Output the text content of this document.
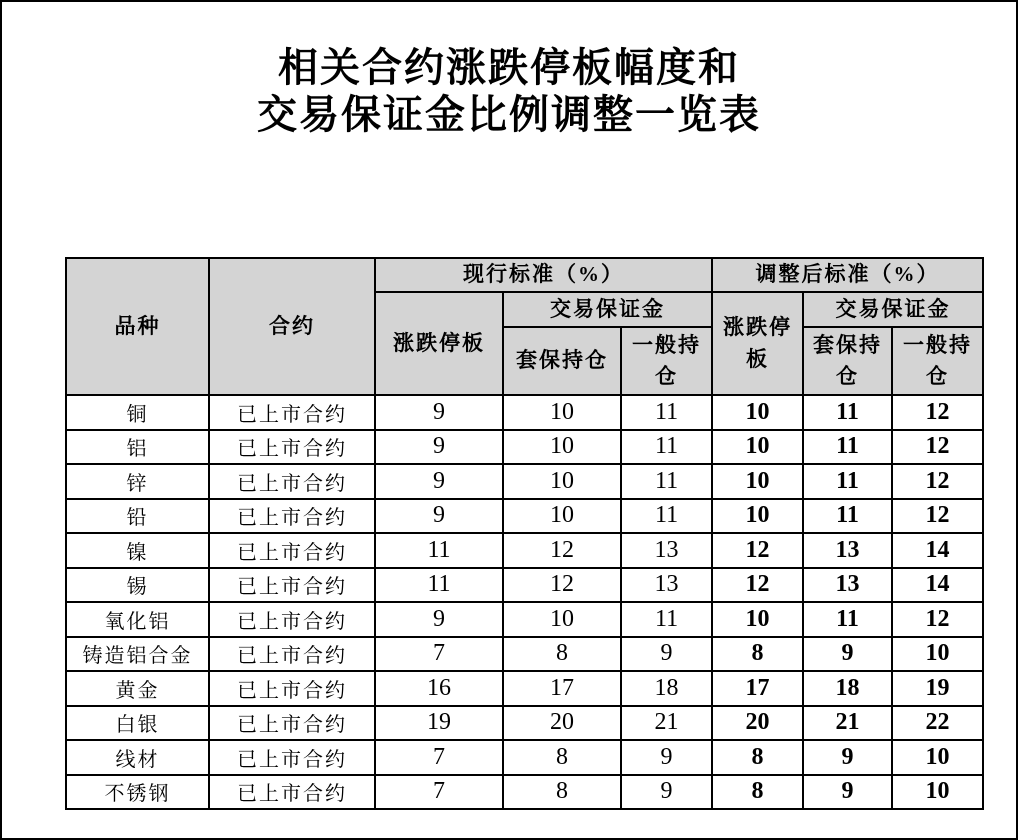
相关合约涨跌停板幅度和
交易保证金比例调整一览表
品种	合约	现行标准（%）			调整后标准（%）		
		涨跌停板	交易保证金		涨跌停板	交易保证金	
			套保持仓	一般持仓		套保持仓	一般持仓
铜	已上市合约	9	10	11	10	11	12
铝	已上市合约	9	10	11	10	11	12
锌	已上市合约	9	10	11	10	11	12
铅	已上市合约	9	10	11	10	11	12
镍	已上市合约	11	12	13	12	13	14
锡	已上市合约	11	12	13	12	13	14
氧化铝	已上市合约	9	10	11	10	11	12
铸造铝合金	已上市合约	7	8	9	8	9	10
黄金	已上市合约	16	17	18	17	18	19
白银	已上市合约	19	20	21	20	21	22
线材	已上市合约	7	8	9	8	9	10
不锈钢	已上市合约	7	8	9	8	9	10
